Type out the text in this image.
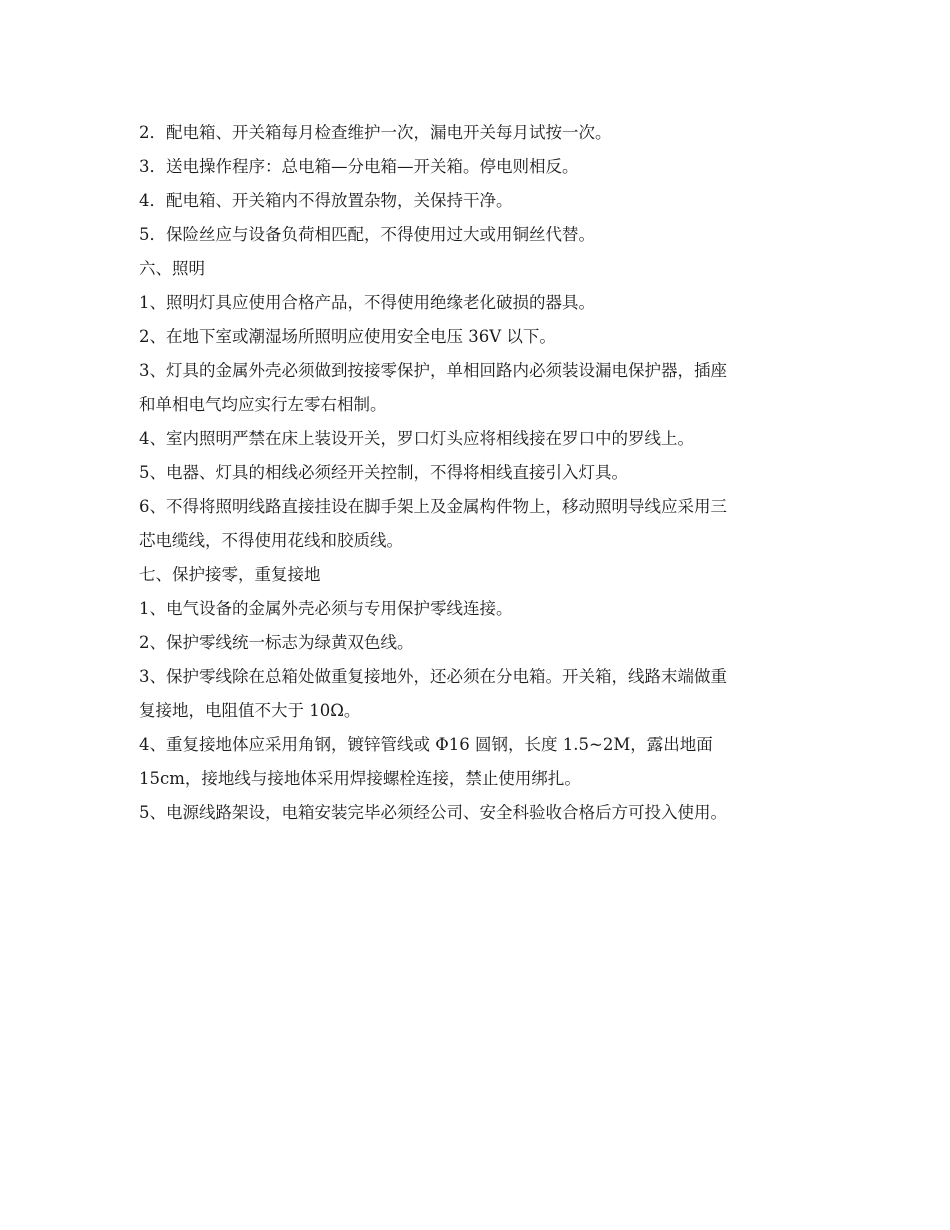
2．配电箱、开关箱每月检查维护一次，漏电开关每月试按一次。
3．送电操作程序：总电箱—分电箱—开关箱。停电则相反。
4．配电箱、开关箱内不得放置杂物，关保持干净。
5．保险丝应与设备负荷相匹配，不得使用过大或用铜丝代替。
六、照明
1、照明灯具应使用合格产品，不得使用绝缘老化破损的器具。
2、在地下室或潮湿场所照明应使用安全电压 36V 以下。
3、灯具的金属外壳必须做到按接零保护，单相回路内必须装设漏电保护器，插座
和单相电气均应实行左零右相制。
4、室内照明严禁在床上装设开关，罗口灯头应将相线接在罗口中的罗线上。
5、电器、灯具的相线必须经开关控制，不得将相线直接引入灯具。
6、不得将照明线路直接挂设在脚手架上及金属构件物上，移动照明导线应采用三
芯电缆线，不得使用花线和胶质线。
七、保护接零，重复接地
1、电气设备的金属外壳必须与专用保护零线连接。
2、保护零线统一标志为绿黄双色线。
3、保护零线除在总箱处做重复接地外，还必须在分电箱。开关箱，线路末端做重
复接地，电阻值不大于 10Ω。
4、重复接地体应采用角钢，镀锌管线或 Φ16 圆钢，长度 1.5~2M，露出地面
15cm，接地线与接地体采用焊接螺栓连接，禁止使用绑扎。
5、电源线路架设，电箱安装完毕必须经公司、安全科验收合格后方可投入使用。
